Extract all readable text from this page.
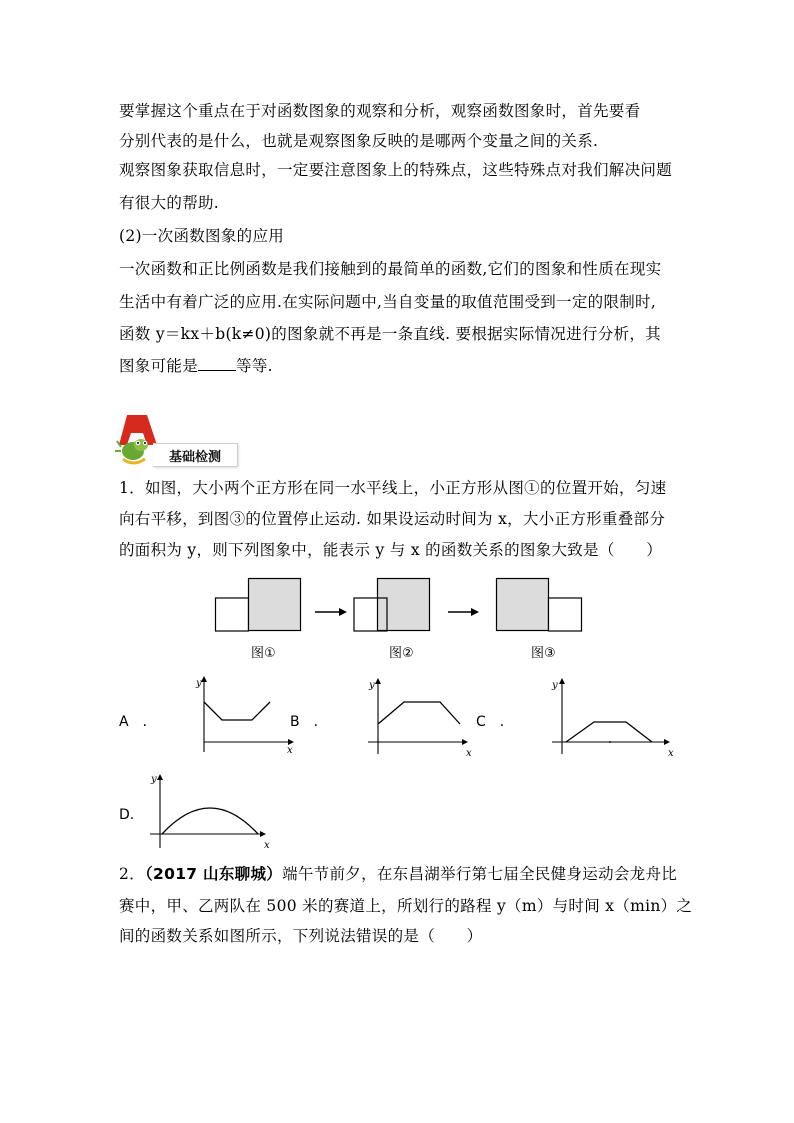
要掌握这个重点在于对函数图象的观察和分析，观察函数图象时，首先要看
分别代表的是什么，也就是观察图象反映的是哪两个变量之间的关系.
观察图象获取信息时，一定要注意图象上的特殊点，这些特殊点对我们解决问题
有很大的帮助.
(2)一次函数图象的应用
一次函数和正比例函数是我们接触到的最简单的函数,它们的图象和性质在现实
生活中有着广泛的应用.在实际问题中,当自变量的取值范围受到一定的限制时,
函数 y＝kx＋b(k≠0)的图象就不再是一条直线. 要根据实际情况进行分析，其
图象可能是 等等.
基础检测
1．如图，大小两个正方形在同一水平线上，小正方形从图①的位置开始，匀速
向右平移，到图③的位置停止运动. 如果设运动时间为 x，大小正方形重叠部分
的面积为 y，则下列图象中，能表示 y 与 x 的函数关系的图象大致是（　　）
图①	图②	图③
A　．	B　．	C　．
D.
y
x
y
x
y
x
y
x
2．（2017 山东聊城）端午节前夕，在东昌湖举行第七届全民健身运动会龙舟比
赛中，甲、乙两队在 500 米的赛道上，所划行的路程 y（m）与时间 x（min）之
间的函数关系如图所示，下列说法错误的是（　　）
